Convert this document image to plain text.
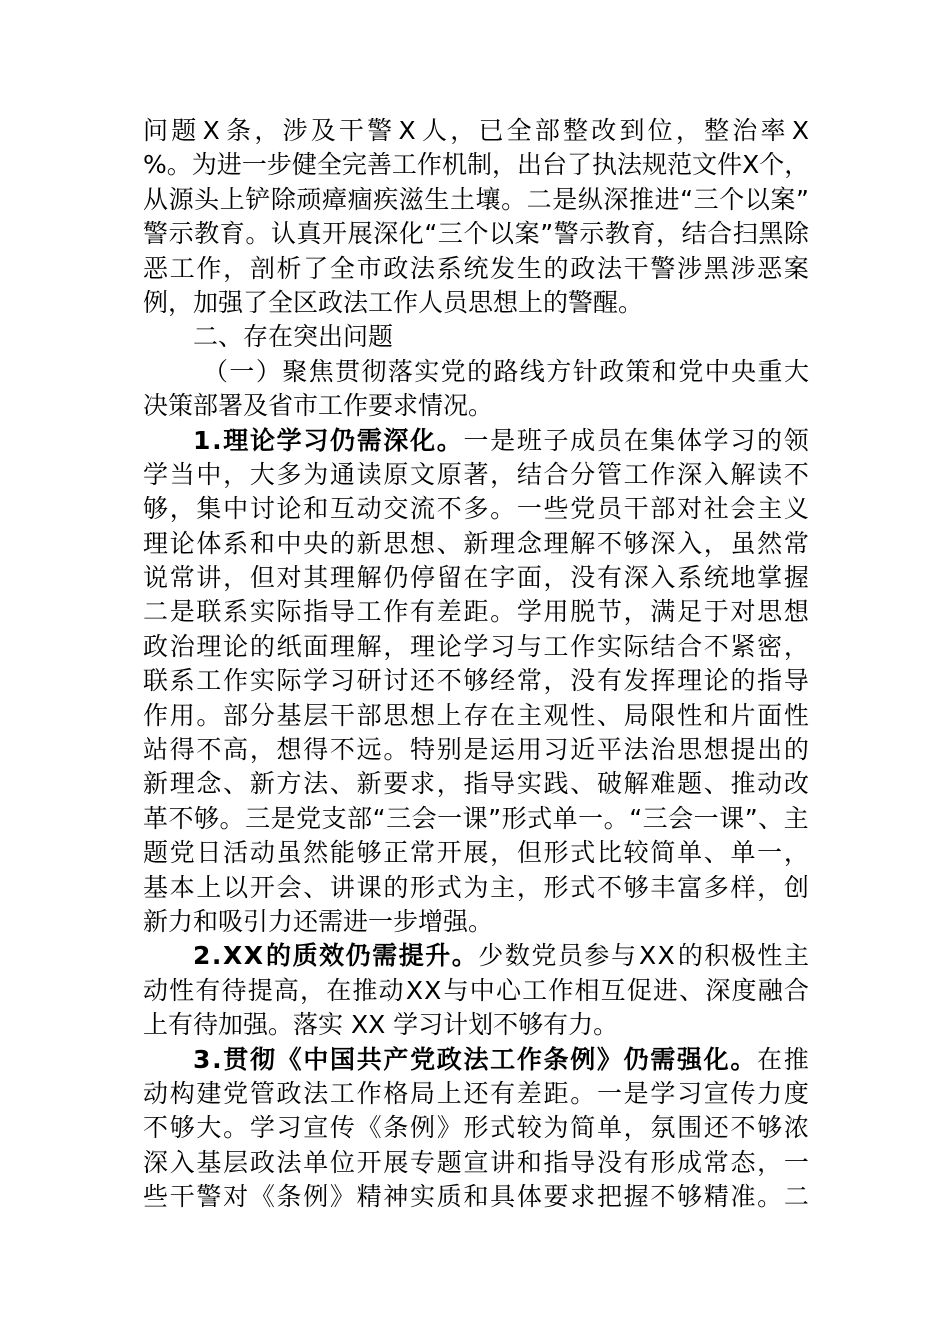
问 题 X 条 ， 涉 及 干 警 X 人 ， 已 全 部 整 改 到 位 ， 整 治 率 X
% 。 为 进 一 步 健 全 完 善 工 作 机 制 ， 出 台 了 执 法 规 范 文 件 X 个 ，
从 源 头 上 铲 除 顽 瘴 痼 疾 滋 生 土 壤 。 二 是 纵 深 推 进 “ 三 个 以 案 ”
警 示 教 育 。 认 真 开 展 深 化 “ 三 个 以 案 ” 警 示 教 育 ， 结 合 扫 黑 除
恶 工 作 ， 剖 析 了 全 市 政 法 系 统 发 生 的 政 法 干 警 涉 黑 涉 恶 案
例，加强了全区政法工作人员思想上的警醒。
二、存在突出问题
（ 一 ） 聚 焦 贯 彻 落 实 党 的 路 线 方 针 政 策 和 党 中 央 重 大
决策部署及省市工作要求情况。
1 . 理 论 学 习 仍 需 深 化 。 一 是 班 子 成 员 在 集 体 学 习 的 领
学 当 中 ， 大 多 为 通 读 原 文 原 著 ， 结 合 分 管 工 作 深 入 解 读 不
够 ， 集 中 讨 论 和 互 动 交 流 不 多 。 一 些 党 员 干 部 对 社 会 主 义
理 论 体 系 和 中 央 的 新 思 想 、 新 理 念 理 解 不 够 深 入 ， 虽 然 常
说 常 讲 ， 但 对 其 理 解 仍 停 留 在 字 面 ， 没 有 深 入 系 统 地 掌 握
二 是 联 系 实 际 指 导 工 作 有 差 距 。 学 用 脱 节 ， 满 足 于 对 思 想
政 治 理 论 的 纸 面 理 解 ， 理 论 学 习 与 工 作 实 际 结 合 不 紧 密 ，
联 系 工 作 实 际 学 习 研 讨 还 不 够 经 常 ， 没 有 发 挥 理 论 的 指 导
作 用 。 部 分 基 层 干 部 思 想 上 存 在 主 观 性 、 局 限 性 和 片 面 性
站 得 不 高 ， 想 得 不 远 。 特 别 是 运 用 习 近 平 法 治 思 想 提 出 的
新 理 念 、 新 方 法 、 新 要 求 ， 指 导 实 践 、 破 解 难 题 、 推 动 改
革 不 够 。 三 是 党 支 部 “ 三 会 一 课 ” 形 式 单 一 。 “ 三 会 一 课 ” 、 主
题 党 日 活 动 虽 然 能 够 正 常 开 展 ， 但 形 式 比 较 简 单 、 单 一 ，
基 本 上 以 开 会 、 讲 课 的 形 式 为 主 ， 形 式 不 够 丰 富 多 样 ， 创
新力和吸引力还需进一步增强。
2 . X X 的 质 效 仍 需 提 升 。 少 数 党 员 参 与 X X 的 积 极 性 主
动 性 有 待 提 高 ， 在 推 动 X X 与 中 心 工 作 相 互 促 进 、 深 度 融 合
上有待加强。落实 XX 学习计划不够有力。
3 . 贯 彻 《 中 国 共 产 党 政 法 工 作 条 例 》 仍 需 强 化 。 在 推
动 构 建 党 管 政 法 工 作 格 局 上 还 有 差 距 。 一 是 学 习 宣 传 力 度
不 够 大 。 学 习 宣 传 《 条 例 》 形 式 较 为 简 单 ， 氛 围 还 不 够 浓
深 入 基 层 政 法 单 位 开 展 专 题 宣 讲 和 指 导 没 有 形 成 常 态 ， 一
些 干 警 对 《 条 例 》 精 神 实 质 和 具 体 要 求 把 握 不 够 精 准 。 二
